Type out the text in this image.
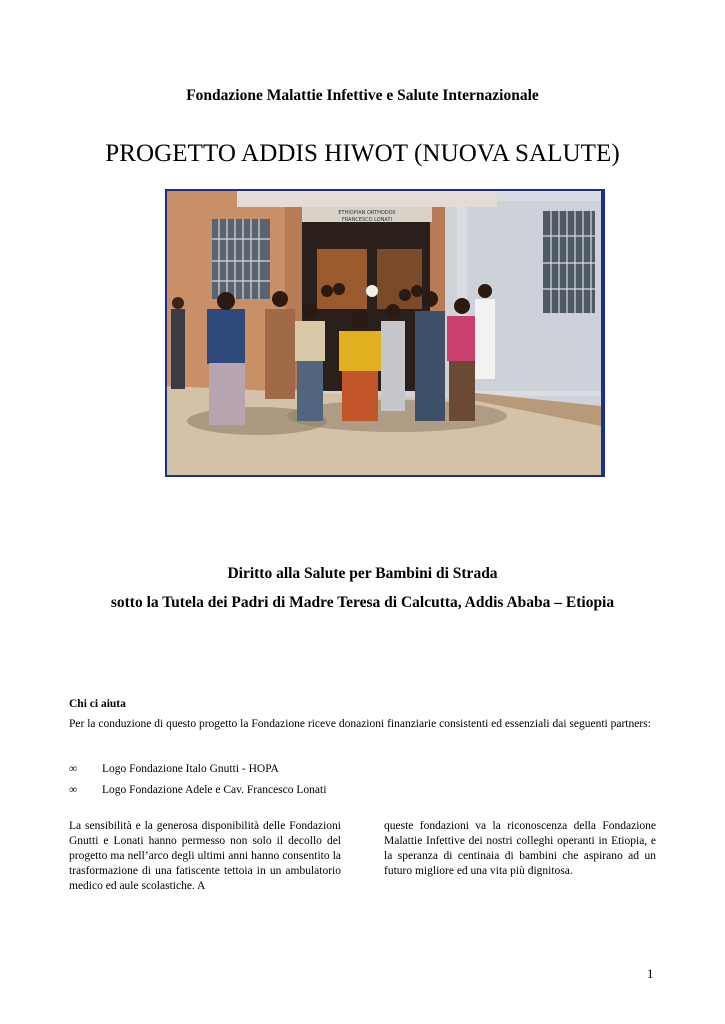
Fondazione Malattie Infettive e Salute Internazionale
PROGETTO ADDIS HIWOT (NUOVA SALUTE)
ETHIOPIAN ORTHODOX
FRANCESCO LONATI
Diritto alla Salute per Bambini di Strada
sotto la Tutela dei Padri di Madre Teresa di Calcutta, Addis Ababa – Etiopia
Chi ci aiuta
Per la conduzione di questo progetto la Fondazione riceve donazioni finanziarie consistenti ed essenziali dai seguenti partners:
∞ Logo Fondazione Italo Gnutti - HOPA
∞ Logo Fondazione Adele e Cav. Francesco Lonati
La sensibilità e la generosa disponibilità delle Fondazioni Gnutti e Lonati hanno permesso non solo il decollo del progetto ma nell’arco degli ultimi anni hanno consentito la trasformazione di una fatiscente tettoia in un ambulatorio medico ed aule scolastiche. A
queste fondazioni va la riconoscenza della Fondazione Malattie Infettive dei nostri colleghi operanti in Etiopia, e la speranza di centinaia di bambini che aspirano ad un futuro migliore ed una vita più dignitosa.
1
